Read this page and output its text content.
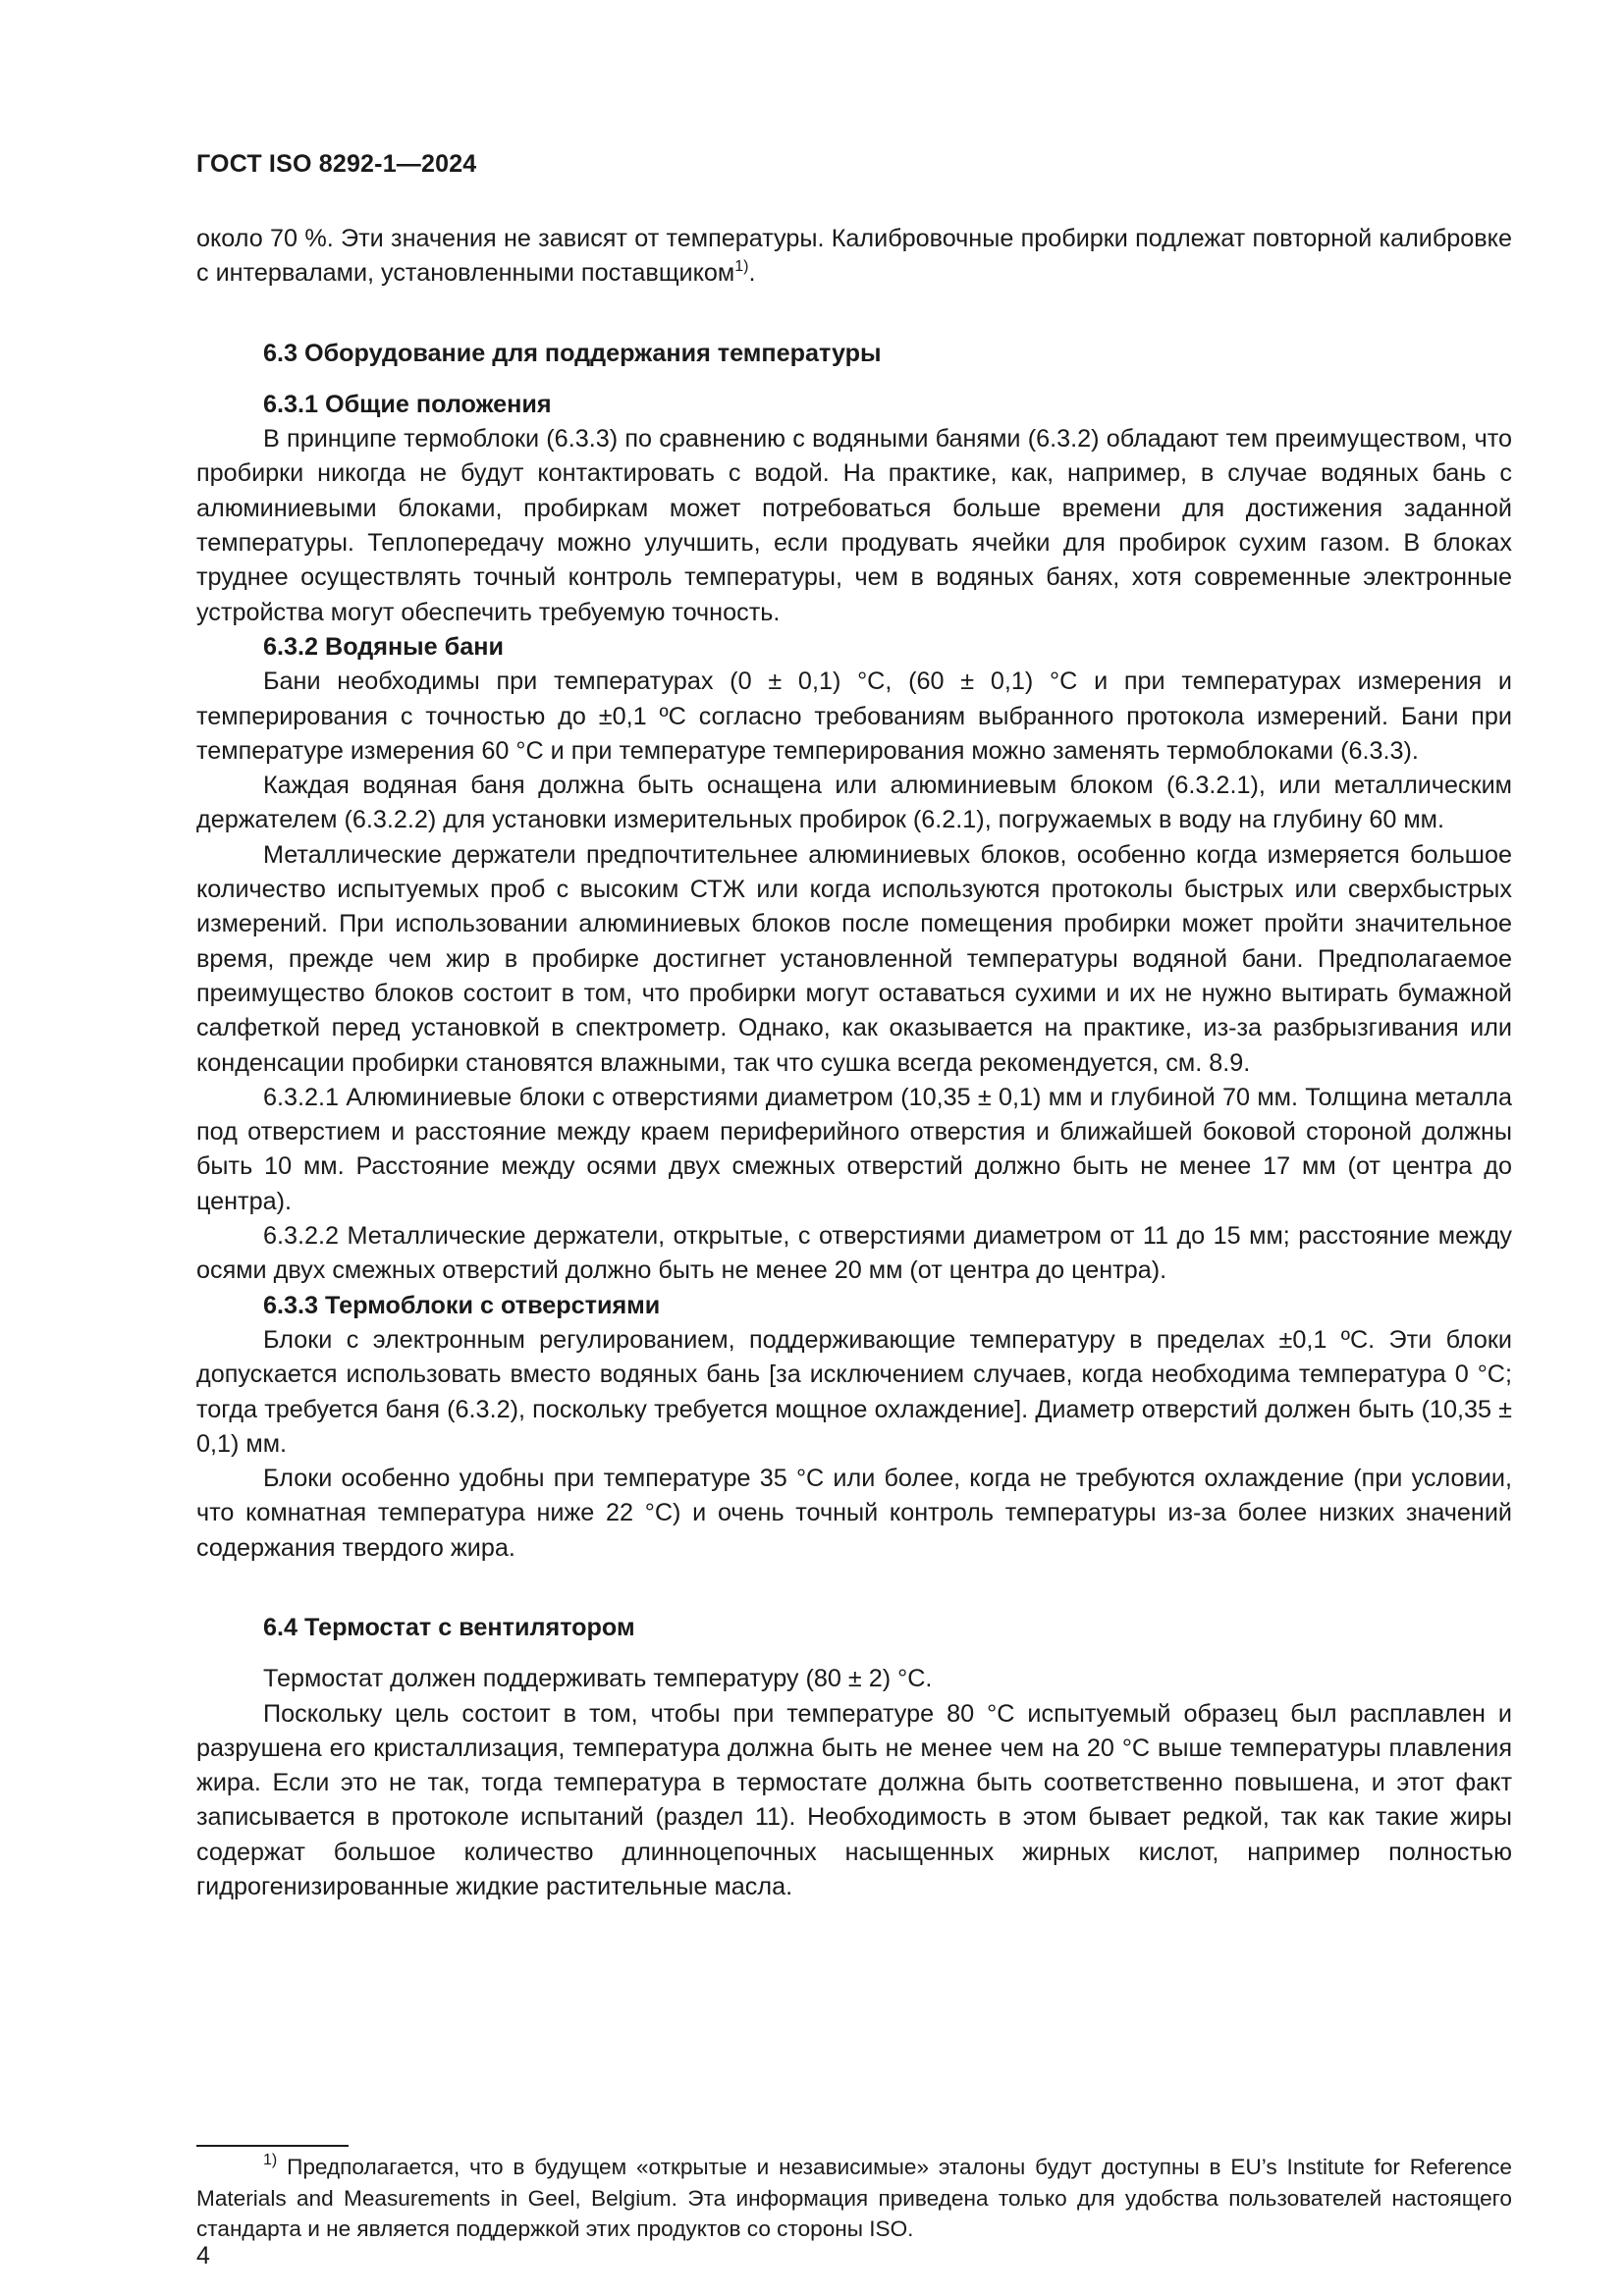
ГОСТ ISO 8292-1—2024

около 70 %. Эти значения не зависят от температуры. Калибровочные пробирки подлежат повторной калибровке с интервалами, установленными поставщиком$^{1)}$.

6.3 Оборудование для поддержания температуры

6.3.1 Общие положения

В принципе термоблоки (6.3.3) по сравнению с водяными банями (6.3.2) обладают тем преимуществом, что пробирки никогда не будут контактировать с водой. На практике, как, например, в случае водяных бань с алюминиевыми блоками, пробиркам может потребоваться больше времени для достижения заданной температуры. Теплопередачу можно улучшить, если продувать ячейки для пробирок сухим газом. В блоках труднее осуществлять точный контроль температуры, чем в водяных банях, хотя современные электронные устройства могут обеспечить требуемую точность.

6.3.2 Водяные бани

Бани необходимы при температурах (0 ± 0,1) °С, (60 ± 0,1) °С и при температурах измерения и темперирования с точностью до ±0,1 ºС согласно требованиям выбранного протокола измерений. Бани при температуре измерения 60 °С и при температуре темперирования можно заменять термоблоками (6.3.3).

Каждая водяная баня должна быть оснащена или алюминиевым блоком (6.3.2.1), или металлическим держателем (6.3.2.2) для установки измерительных пробирок (6.2.1), погружаемых в воду на глубину 60 мм.

Металлические держатели предпочтительнее алюминиевых блоков, особенно когда измеряется большое количество испытуемых проб с высоким СТЖ или когда используются протоколы быстрых или сверхбыстрых измерений. При использовании алюминиевых блоков после помещения пробирки может пройти значительное время, прежде чем жир в пробирке достигнет установленной температуры водяной бани. Предполагаемое преимущество блоков состоит в том, что пробирки могут оставаться сухими и их не нужно вытирать бумажной салфеткой перед установкой в спектрометр. Однако, как оказывается на практике, из-за разбрызгивания или конденсации пробирки становятся влажными, так что сушка всегда рекомендуется, см. 8.9.

6.3.2.1 Алюминиевые блоки с отверстиями диаметром (10,35 ± 0,1) мм и глубиной 70 мм. Толщина металла под отверстием и расстояние между краем периферийного отверстия и ближайшей боковой стороной должны быть 10 мм. Расстояние между осями двух смежных отверстий должно быть не менее 17 мм (от центра до центра).

6.3.2.2 Металлические держатели, открытые, с отверстиями диаметром от 11 до 15 мм; расстояние между осями двух смежных отверстий должно быть не менее 20 мм (от центра до центра).

6.3.3 Термоблоки с отверстиями

Блоки с электронным регулированием, поддерживающие температуру в пределах ±0,1 ºС. Эти блоки допускается использовать вместо водяных бань [за исключением случаев, когда необходима температура 0 °С; тогда требуется баня (6.3.2), поскольку требуется мощное охлаждение]. Диаметр отверстий должен быть (10,35 ± 0,1) мм.

Блоки особенно удобны при температуре 35 °С или более, когда не требуются охлаждение (при условии, что комнатная температура ниже 22 °С) и очень точный контроль температуры из-за более низких значений содержания твердого жира.

6.4 Термостат с вентилятором

Термостат должен поддерживать температуру (80 ± 2) °С.

Поскольку цель состоит в том, чтобы при температуре 80 °С испытуемый образец был расплавлен и разрушена его кристаллизация, температура должна быть не менее чем на 20 °С выше температуры плавления жира. Если это не так, тогда температура в термостате должна быть соответственно повышена, и этот факт записывается в протоколе испытаний (раздел 11). Необходимость в этом бывает редкой, так как такие жиры содержат большое количество длинноцепочных насыщенных жирных кислот, например полностью гидрогенизированные жидкие растительные масла.

$^{1)}$ Предполагается, что в будущем «открытые и независимые» эталоны будут доступны в EU’s Institute for Reference Materials and Measurements in Geel, Belgium. Эта информация приведена только для удобства пользователей настоящего стандарта и не является поддержкой этих продуктов со стороны ISO.
4
